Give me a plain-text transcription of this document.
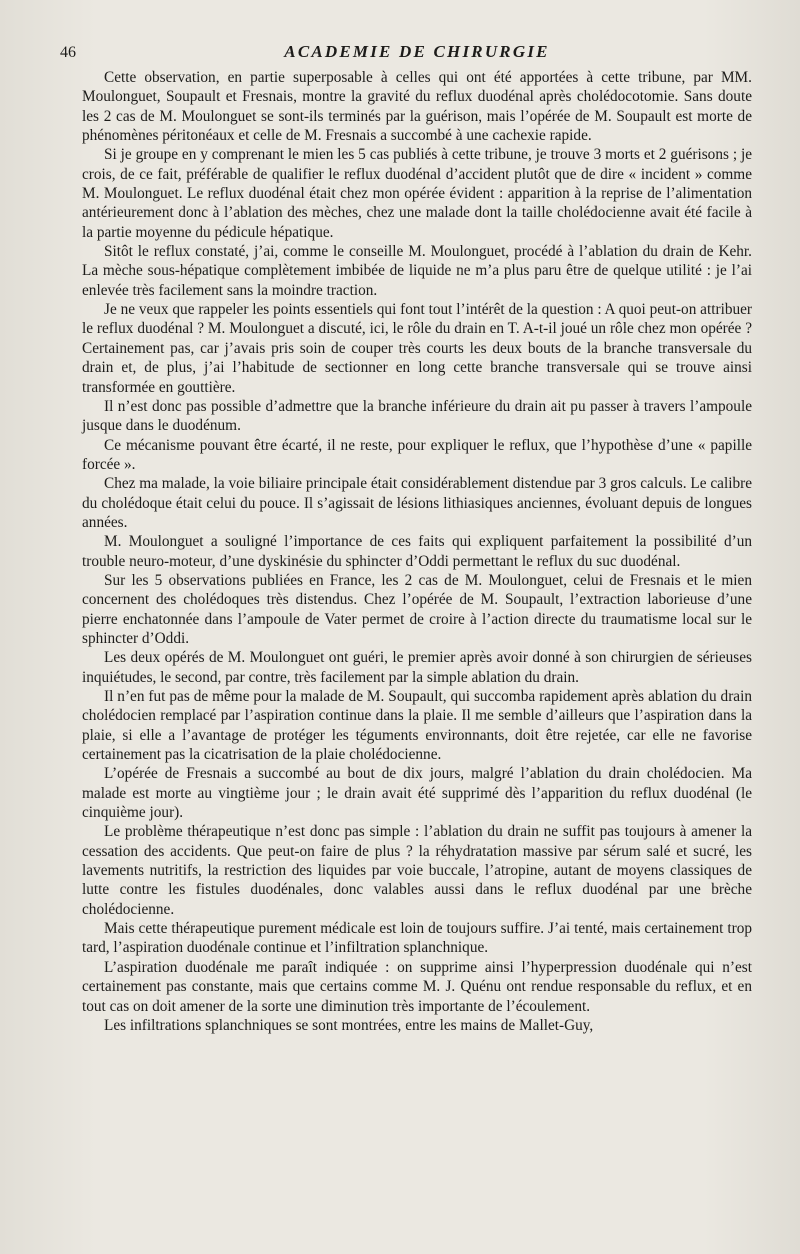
46	ACADEMIE DE CHIRURGIE

Cette observation, en partie superposable à celles qui ont été apportées à cette tribune, par MM. Moulonguet, Soupault et Fresnais, montre la gravité du reflux duodénal après cholédocotomie. Sans doute les 2 cas de M. Moulonguet se sont-ils terminés par la guérison, mais l’opérée de M. Soupault est morte de phénomènes péritonéaux et celle de M. Fresnais a succombé à une cachexie rapide.

Si je groupe en y comprenant le mien les 5 cas publiés à cette tribune, je trouve 3 morts et 2 guérisons ; je crois, de ce fait, préférable de qualifier le reflux duodénal d’accident plutôt que de dire « incident » comme M. Moulonguet. Le reflux duodénal était chez mon opérée évident : apparition à la reprise de l’alimentation antérieurement donc à l’ablation des mèches, chez une malade dont la taille cholédocienne avait été facile à la partie moyenne du pédicule hépatique.

Sitôt le reflux constaté, j’ai, comme le conseille M. Moulonguet, procédé à l’ablation du drain de Kehr. La mèche sous-hépatique complètement imbibée de liquide ne m’a plus paru être de quelque utilité : je l’ai enlevée très facilement sans la moindre traction.

Je ne veux que rappeler les points essentiels qui font tout l’intérêt de la question : A quoi peut-on attribuer le reflux duodénal ? M. Moulonguet a discuté, ici, le rôle du drain en T. A-t-il joué un rôle chez mon opérée ? Certainement pas, car j’avais pris soin de couper très courts les deux bouts de la branche transversale du drain et, de plus, j’ai l’habitude de sectionner en long cette branche transversale qui se trouve ainsi transformée en gouttière.

Il n’est donc pas possible d’admettre que la branche inférieure du drain ait pu passer à travers l’ampoule jusque dans le duodénum.

Ce mécanisme pouvant être écarté, il ne reste, pour expliquer le reflux, que l’hypothèse d’une « papille forcée ».

Chez ma malade, la voie biliaire principale était considérablement distendue par 3 gros calculs. Le calibre du cholédoque était celui du pouce. Il s’agissait de lésions lithiasiques anciennes, évoluant depuis de longues années.

M. Moulonguet a souligné l’importance de ces faits qui expliquent parfaitement la possibilité d’un trouble neuro-moteur, d’une dyskinésie du sphincter d’Oddi permettant le reflux du suc duodénal.

Sur les 5 observations publiées en France, les 2 cas de M. Moulonguet, celui de Fresnais et le mien concernent des cholédoques très distendus. Chez l’opérée de M. Soupault, l’extraction laborieuse d’une pierre enchatonnée dans l’ampoule de Vater permet de croire à l’action directe du traumatisme local sur le sphincter d’Oddi.

Les deux opérés de M. Moulonguet ont guéri, le premier après avoir donné à son chirurgien de sérieuses inquiétudes, le second, par contre, très facilement par la simple ablation du drain.

Il n’en fut pas de même pour la malade de M. Soupault, qui succomba rapidement après ablation du drain cholédocien remplacé par l’aspiration continue dans la plaie. Il me semble d’ailleurs que l’aspiration dans la plaie, si elle a l’avantage de protéger les téguments environnants, doit être rejetée, car elle ne favorise certainement pas la cicatrisation de la plaie cholédocienne.

L’opérée de Fresnais a succombé au bout de dix jours, malgré l’ablation du drain cholédocien. Ma malade est morte au vingtième jour ; le drain avait été supprimé dès l’apparition du reflux duodénal (le cinquième jour).

Le problème thérapeutique n’est donc pas simple : l’ablation du drain ne suffit pas toujours à amener la cessation des accidents. Que peut-on faire de plus ? la réhydratation massive par sérum salé et sucré, les lavements nutritifs, la restriction des liquides par voie buccale, l’atropine, autant de moyens classiques de lutte contre les fistules duodénales, donc valables aussi dans le reflux duodénal par une brèche cholédocienne.

Mais cette thérapeutique purement médicale est loin de toujours suffire. J’ai tenté, mais certainement trop tard, l’aspiration duodénale continue et l’infiltration splanchnique.

L’aspiration duodénale me paraît indiquée : on supprime ainsi l’hyperpression duodénale qui n’est certainement pas constante, mais que certains comme M. J. Quénu ont rendue responsable du reflux, et en tout cas on doit amener de la sorte une diminution très importante de l’écoulement.

Les infiltrations splanchniques se sont montrées, entre les mains de Mallet-Guy,
